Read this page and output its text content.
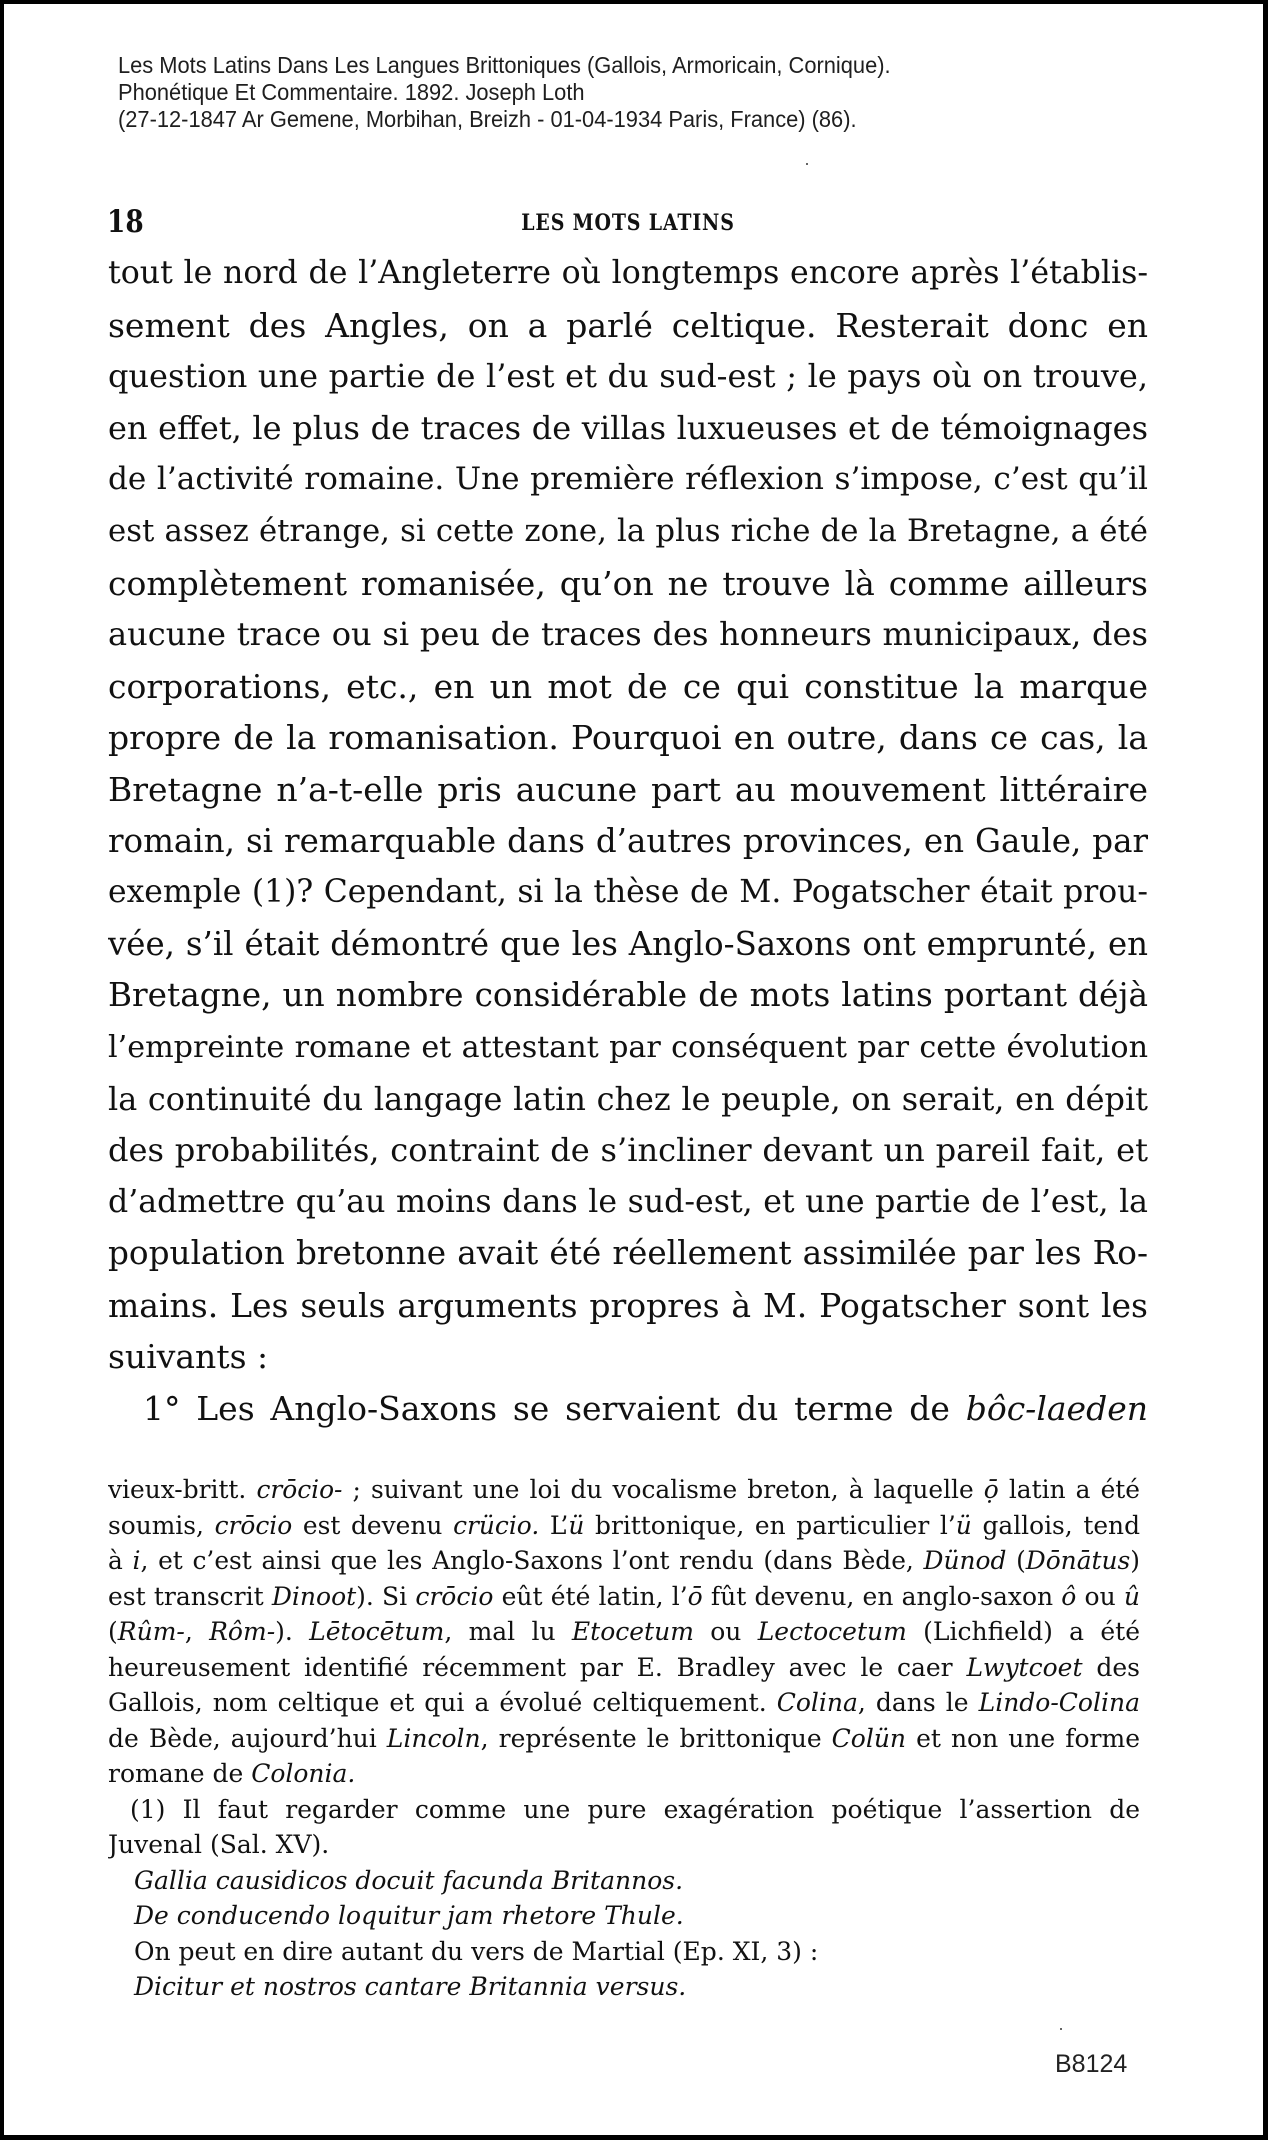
Les Mots Latins Dans Les Langues Brittoniques (Gallois, Armoricain, Cornique).
Phonétique Et Commentaire. 1892. Joseph Loth
(27-12-1847 Ar Gemene, Morbihan, Breizh - 01-04-1934 Paris, France) (86).
18	LES MOTS LATINS
tout le nord de l’Angleterre où longtemps encore après l’établis-
sement des Angles, on a parlé celtique. Resterait donc en
question une partie de l’est et du sud-est ; le pays où on trouve,
en effet, le plus de traces de villas luxueuses et de témoignages
de l’activité romaine. Une première réflexion s’impose, c’est qu’il
est assez étrange, si cette zone, la plus riche de la Bretagne, a été
complètement romanisée, qu’on ne trouve là comme ailleurs
aucune trace ou si peu de traces des honneurs municipaux, des
corporations, etc., en un mot de ce qui constitue la marque
propre de la romanisation. Pourquoi en outre, dans ce cas, la
Bretagne n’a-t-elle pris aucune part au mouvement littéraire
romain, si remarquable dans d’autres provinces, en Gaule, par
exemple (1)? Cependant, si la thèse de M. Pogatscher était prou-
vée, s’il était démontré que les Anglo-Saxons ont emprunté, en
Bretagne, un nombre considérable de mots latins portant déjà
l’empreinte romane et attestant par conséquent par cette évolution
la continuité du langage latin chez le peuple, on serait, en dépit
des probabilités, contraint de s’incliner devant un pareil fait, et
d’admettre qu’au moins dans le sud-est, et une partie de l’est, la
population bretonne avait été réellement assimilée par les Ro-
mains. Les seuls arguments propres à M. Pogatscher sont les
suivants :
1° Les Anglo-Saxons se servaient du terme de bôc-laeden
vieux-britt. crōcio- ; suivant une loi du vocalisme breton, à laquelle ọ̄ latin a été
soumis, crōcio est devenu crücio. L’ü brittonique, en particulier l’ü gallois, tend
à i, et c’est ainsi que les Anglo-Saxons l’ont rendu (dans Bède, Dünod (Dōnātus)
est transcrit Dinoot). Si crōcio eût été latin, l’ō fût devenu, en anglo-saxon ô ou û
(Rûm-, Rôm-). Lētocētum, mal lu Etocetum ou Lectocetum (Lichfield) a été
heureusement identifié récemment par E. Bradley avec le caer Lwytcoet des
Gallois, nom celtique et qui a évolué celtiquement. Colina, dans le Lindo-Colina
de Bède, aujourd’hui Lincoln, représente le brittonique Colün et non une forme
romane de Colonia.
(1) Il faut regarder comme une pure exagération poétique l’assertion de
Juvenal (Sal. XV).
Gallia causidicos docuit facunda Britannos.
De conducendo loquitur jam rhetore Thule.
On peut en dire autant du vers de Martial (Ep. XI, 3) :
Dicitur et nostros cantare Britannia versus.
B8124
